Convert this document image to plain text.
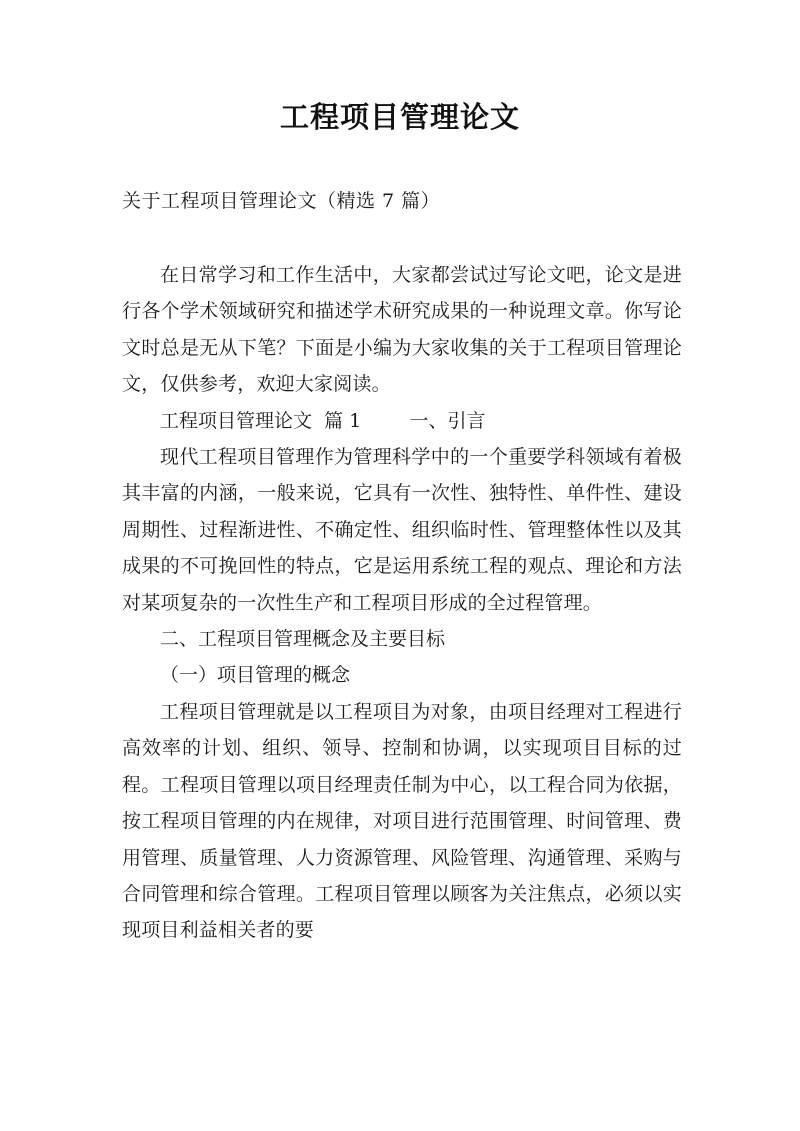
工程项目管理论文
关于工程项目管理论文（精选 7 篇）

在日常学习和工作生活中，大家都尝试过写论文吧，论文是进行各个学术领域研究和描述学术研究成果的一种说理文章。你写论文时总是无从下笔？下面是小编为大家收集的关于工程项目管理论文，仅供参考，欢迎大家阅读。

工程项目管理论文  篇 1        一、引言

现代工程项目管理作为管理科学中的一个重要学科领域有着极其丰富的内涵，一般来说，它具有一次性、独特性、单件性、建设周期性、过程渐进性、不确定性、组织临时性、管理整体性以及其成果的不可挽回性的特点，它是运用系统工程的观点、理论和方法对某项复杂的一次性生产和工程项目形成的全过程管理。

二、工程项目管理概念及主要目标

（一）项目管理的概念

工程项目管理就是以工程项目为对象，由项目经理对工程进行高效率的计划、组织、领导、控制和协调，以实现项目目标的过程。工程项目管理以项目经理责任制为中心，以工程合同为依据，按工程项目管理的内在规律，对项目进行范围管理、时间管理、费用管理、质量管理、人力资源管理、风险管理、沟通管理、采购与合同管理和综合管理。工程项目管理以顾客为关注焦点，必须以实现项目利益相关者的要
